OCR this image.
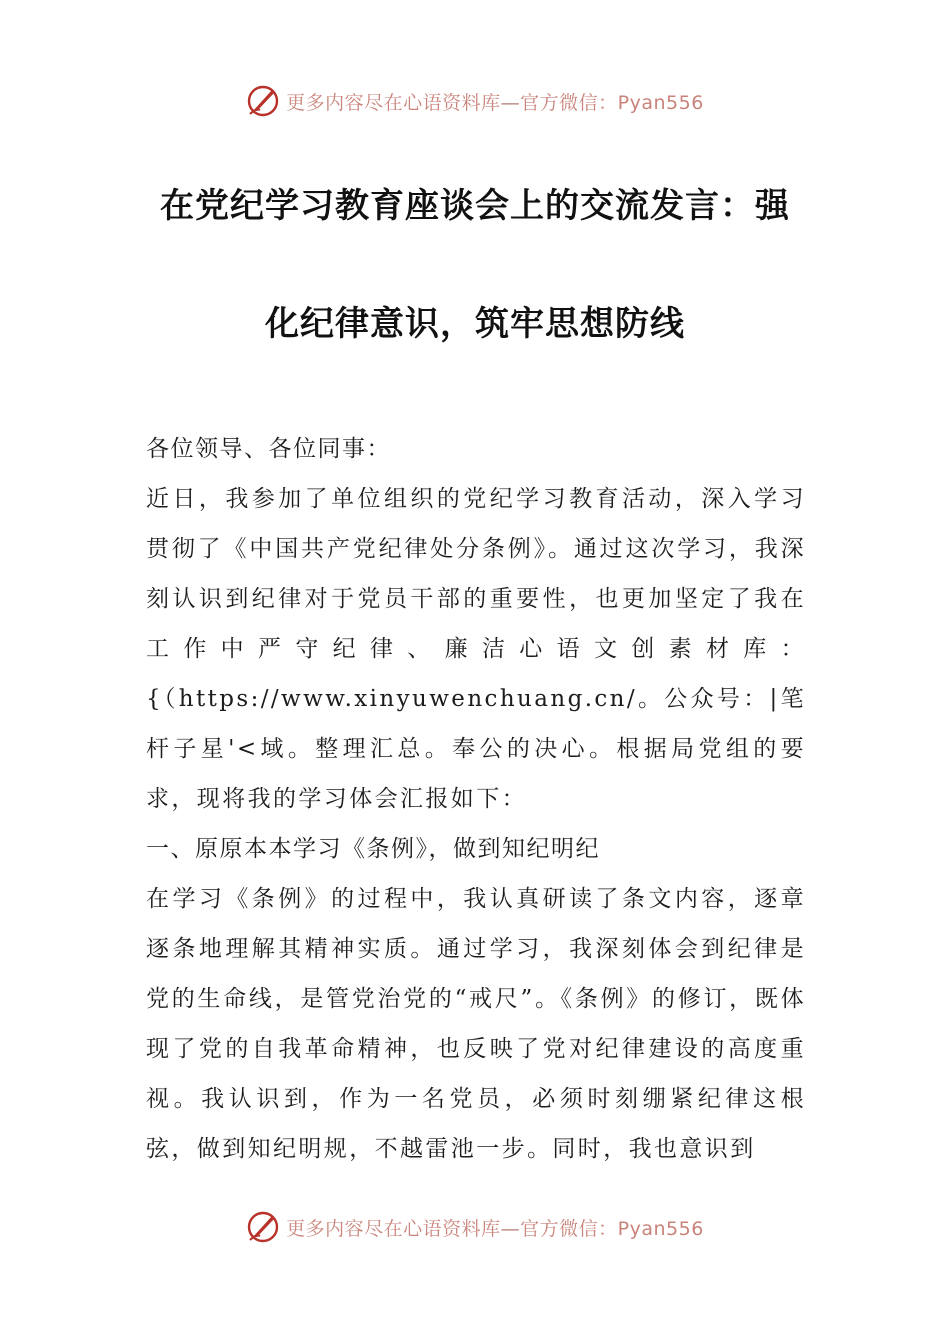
更多内容尽在心语资料库—官方微信：Pyan556
在党纪学习教育座谈会上的交流发言：强
化纪律意识，筑牢思想防线

各位领导、各位同事：

近日，我参加了单位组织的党纪学习教育活动，深入学习贯彻了《中国共产党纪律处分条例》。通过这次学习，我深刻认识到纪律对于党员干部的重要性，也更加坚定了我在工作中严守纪律、廉洁心语文创素材库：{（https://www.xinyuwenchuang.cn/。公众号：|笔杆子星'<域。整理汇总。奉公的决心。根据局党组的要求，现将我的学习体会汇报如下：

一、原原本本学习《条例》，做到知纪明纪

在学习《条例》的过程中，我认真研读了条文内容，逐章逐条地理解其精神实质。通过学习，我深刻体会到纪律是党的生命线，是管党治党的“戒尺”。《条例》的修订，既体现了党的自我革命精神，也反映了党对纪律建设的高度重视。我认识到，作为一名党员，必须时刻绷紧纪律这根弦，做到知纪明规，不越雷池一步。同时，我也意识到

更多内容尽在心语资料库—官方微信：Pyan556
